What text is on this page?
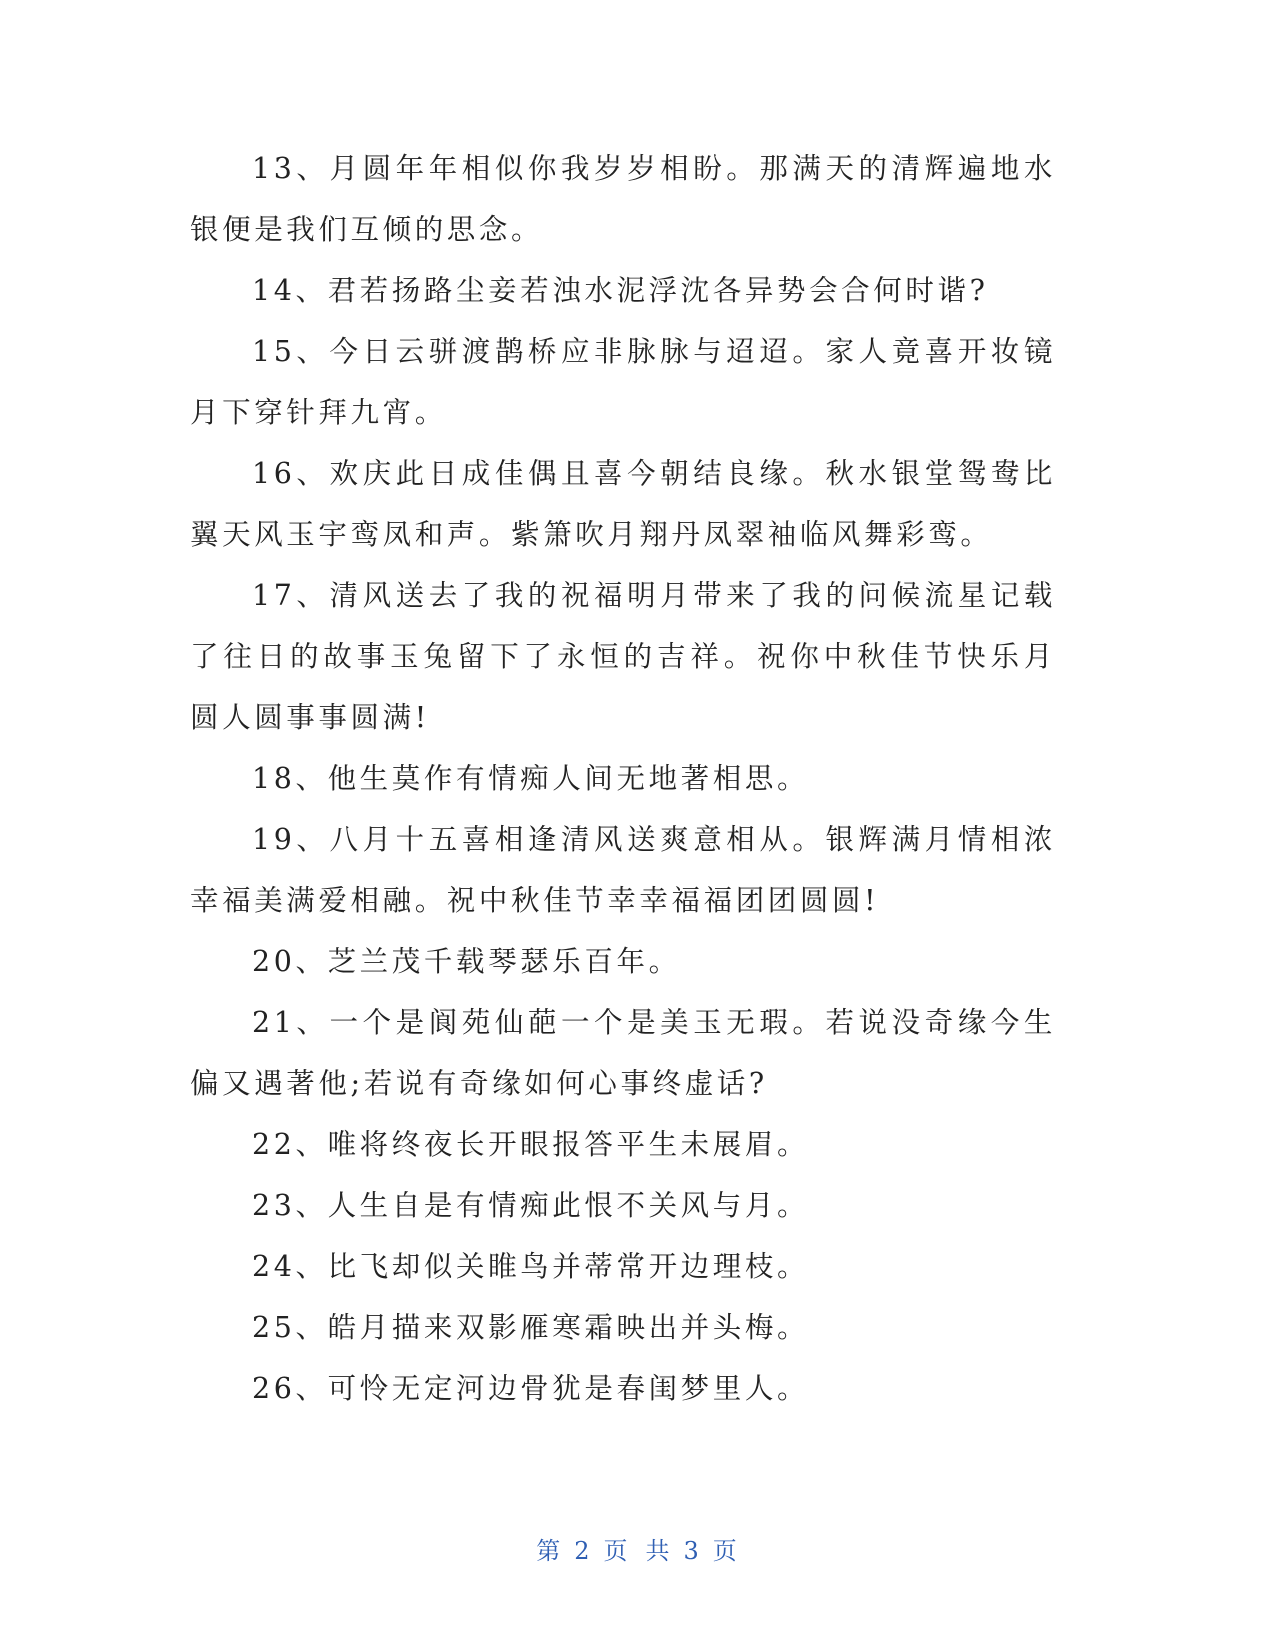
13、月圆年年相似你我岁岁相盼。那满天的清辉遍地水银便是我们互倾的思念。

14、君若扬路尘妾若浊水泥浮沈各异势会合何时谐?

15、今日云骈渡鹊桥应非脉脉与迢迢。家人竟喜开妆镜月下穿针拜九宵。

16、欢庆此日成佳偶且喜今朝结良缘。秋水银堂鸳鸯比翼天风玉宇鸾凤和声。紫箫吹月翔丹凤翠袖临风舞彩鸾。

17、清风送去了我的祝福明月带来了我的问候流星记载了往日的故事玉兔留下了永恒的吉祥。祝你中秋佳节快乐月圆人圆事事圆满!

18、他生莫作有情痴人间无地著相思。

19、八月十五喜相逢清风送爽意相从。银辉满月情相浓幸福美满爱相融。祝中秋佳节幸幸福福团团圆圆!

20、芝兰茂千载琴瑟乐百年。

21、一个是阆苑仙葩一个是美玉无瑕。若说没奇缘今生偏又遇著他;若说有奇缘如何心事终虚话?

22、唯将终夜长开眼报答平生未展眉。

23、人生自是有情痴此恨不关风与月。

24、比飞却似关睢鸟并蒂常开边理枝。

25、皓月描来双影雁寒霜映出并头梅。

26、可怜无定河边骨犹是春闺梦里人。

第 2 页 共 3 页
